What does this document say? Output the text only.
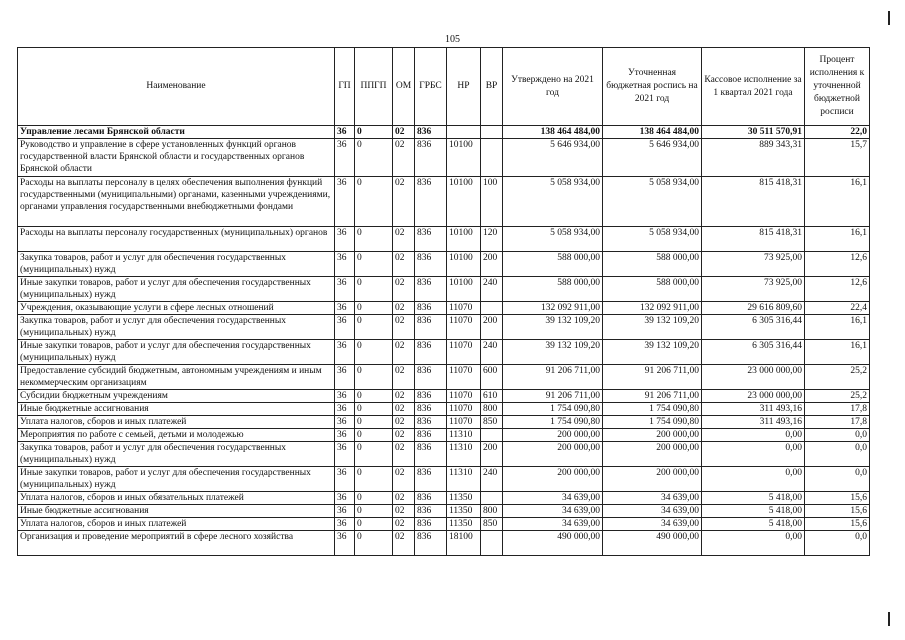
105
Наименование	ГП	ППГП	ОМ	ГРБС	НР	ВР	Утверждено на 2021 год	Уточненная бюджетная роспись на 2021 год	Кассовое исполнение за 1 квартал 2021 года	Процент исполнения к уточненной бюджетной росписи
Управление лесами Брянской области	36	0	02	836			138 464 484,00	138 464 484,00	30 511 570,91	22,0
Руководство и управление в сфере установленных функций органов государственной власти Брянской области и государственных органов Брянской области	36	0	02	836	10100		5 646 934,00	5 646 934,00	889 343,31	15,7
Расходы на выплаты персоналу в целях обеспечения выполнения функций государственными (муниципальными) органами, казенными учреждениями, органами управления государственными внебюджетными фондами	36	0	02	836	10100	100	5 058 934,00	5 058 934,00	815 418,31	16,1
Расходы на выплаты персоналу государственных (муниципальных) органов	36	0	02	836	10100	120	5 058 934,00	5 058 934,00	815 418,31	16,1
Закупка товаров, работ и услуг для обеспечения государственных (муниципальных) нужд	36	0	02	836	10100	200	588 000,00	588 000,00	73 925,00	12,6
Иные закупки товаров, работ и услуг для обеспечения государственных (муниципальных) нужд	36	0	02	836	10100	240	588 000,00	588 000,00	73 925,00	12,6
Учреждения, оказывающие услуги в сфере лесных отношений	36	0	02	836	11070		132 092 911,00	132 092 911,00	29 616 809,60	22,4
Закупка товаров, работ и услуг для обеспечения государственных (муниципальных) нужд	36	0	02	836	11070	200	39 132 109,20	39 132 109,20	6 305 316,44	16,1
Иные закупки товаров, работ и услуг для обеспечения государственных (муниципальных) нужд	36	0	02	836	11070	240	39 132 109,20	39 132 109,20	6 305 316,44	16,1
Предоставление субсидий бюджетным, автономным учреждениям и иным некоммерческим организациям	36	0	02	836	11070	600	91 206 711,00	91 206 711,00	23 000 000,00	25,2
Субсидии бюджетным учреждениям	36	0	02	836	11070	610	91 206 711,00	91 206 711,00	23 000 000,00	25,2
Иные бюджетные ассигнования	36	0	02	836	11070	800	1 754 090,80	1 754 090,80	311 493,16	17,8
Уплата налогов, сборов и иных платежей	36	0	02	836	11070	850	1 754 090,80	1 754 090,80	311 493,16	17,8
Мероприятия по работе с семьей, детьми и молодежью	36	0	02	836	11310		200 000,00	200 000,00	0,00	0,0
Закупка товаров, работ и услуг для обеспечения государственных (муниципальных) нужд	36	0	02	836	11310	200	200 000,00	200 000,00	0,00	0,0
Иные закупки товаров, работ и услуг для обеспечения государственных (муниципальных) нужд	36	0	02	836	11310	240	200 000,00	200 000,00	0,00	0,0
Уплата налогов, сборов и иных обязательных платежей	36	0	02	836	11350		34 639,00	34 639,00	5 418,00	15,6
Иные бюджетные ассигнования	36	0	02	836	11350	800	34 639,00	34 639,00	5 418,00	15,6
Уплата налогов, сборов и иных платежей	36	0	02	836	11350	850	34 639,00	34 639,00	5 418,00	15,6
Организация и проведение мероприятий в сфере лесного хозяйства	36	0	02	836	18100		490 000,00	490 000,00	0,00	0,0
